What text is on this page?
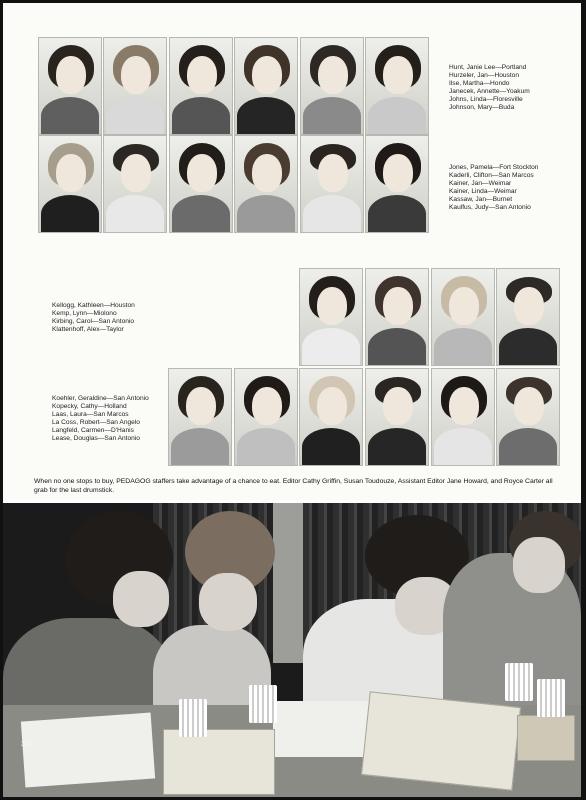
Hunt, Janie Lee—Portland
Hurzeler, Jan—Houston
Ilse, Martha—Hondo
Janecek, Annette—Yoakum
Johns, Linda—Floresville
Johnson, Mary—Buda
Jones, Pamela—Fort Stockton
Kaderli, Clifton—San Marcos
Kainer, Jan—Weimar
Kainer, Linda—Weimar
Kassaw, Jan—Burnet
Kaulfus, Judy—San Antonio
Kellogg, Kathleen—Houston
Kemp, Lynn—Miolono
Kirbing, Carol—San Antonio
Klattenhoff, Alex—Taylor
Koehler, Geraldine—San Antonio
Kopecky, Cathy—Holland
Laas, Laura—San Marcos
La Coss, Robert—San Angelo
Langfeld, Carmen—D'Hanis
Lease, Douglas—San Antonio
When no one stops to buy, PEDAGOG staffers take advantage of a chance to eat. Editor Cathy Griffin, Susan Toudouze, Assistant Editor Jane Howard, and Royce Carter all grab for the last drumstick.
334
